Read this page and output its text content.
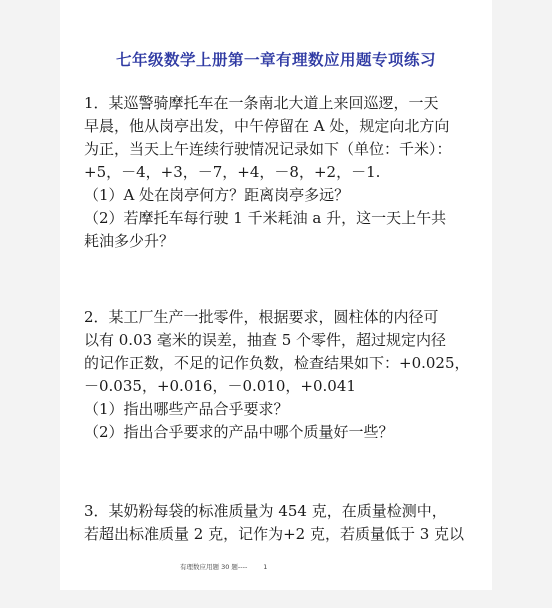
七年级数学上册第一章有理数应用题专项练习
1．某巡警骑摩托车在一条南北大道上来回巡逻，一天
早晨，他从岗亭出发，中午停留在 A 处，规定向北方向
为正，当天上午连续行驶情况记录如下（单位：千米）：
+5，－4，+3，－7，+4，－8，+2，－1.
（1）A 处在岗亭何方？距离岗亭多远？
（2）若摩托车每行驶 1 千米耗油 a 升，这一天上午共
耗油多少升？
2．某工厂生产一批零件，根据要求，圆柱体的内径可
以有 0.03 毫米的误差，抽查 5 个零件，超过规定内径
的记作正数，不足的记作负数，检查结果如下：+0.025，
－0.035，+0.016，－0.010，+0.041
（1）指出哪些产品合乎要求？
（2）指出合乎要求的产品中哪个质量好一些？
3．某奶粉每袋的标准质量为 454 克，在质量检测中，
若超出标准质量 2 克，记作为+2 克，若质量低于 3 克以
有理数应用题 30 题---- 1
